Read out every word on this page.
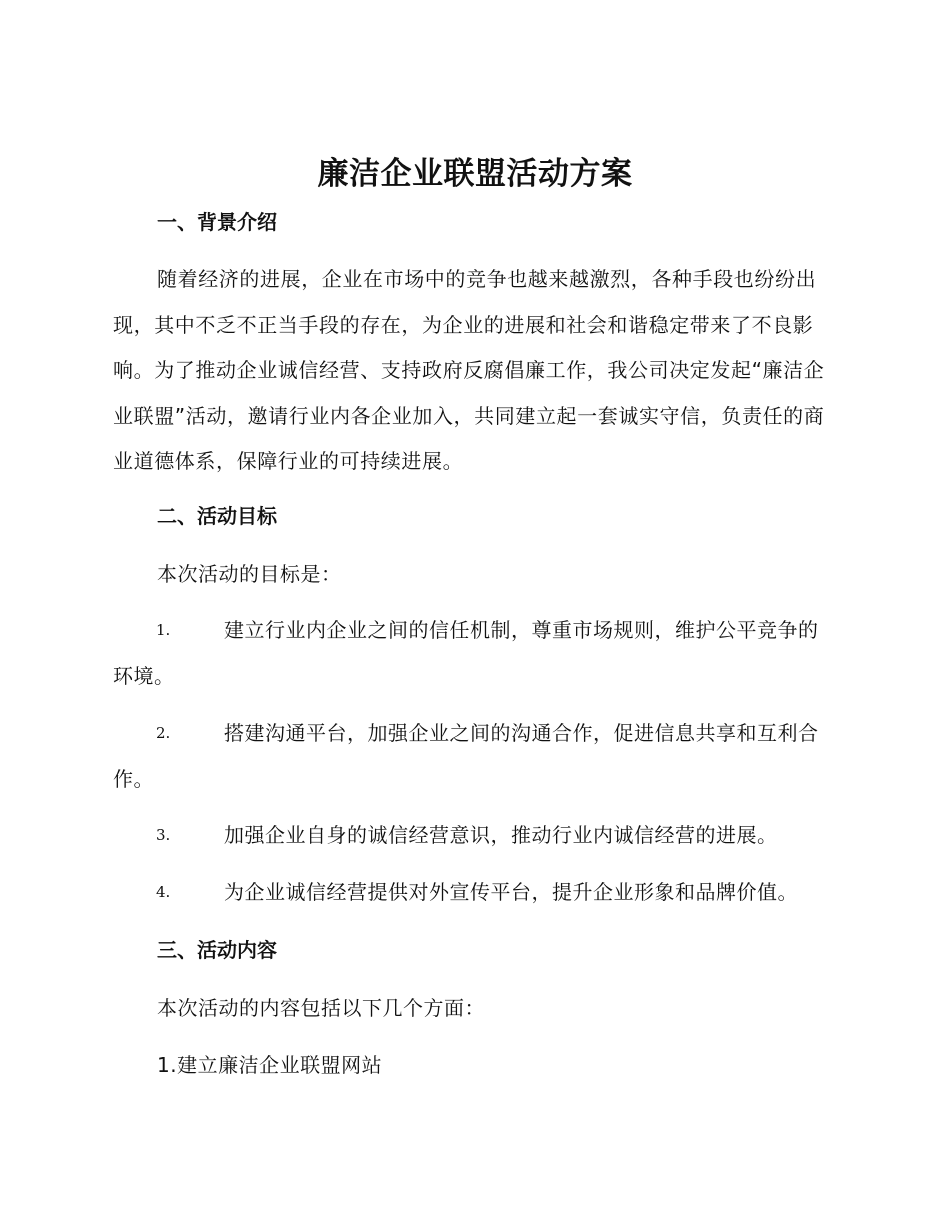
廉洁企业联盟活动方案
一、背景介绍

随着经济的进展，企业在市场中的竞争也越来越激烈，各种手段也纷纷出现，其中不乏不正当手段的存在，为企业的进展和社会和谐稳定带来了不良影响。为了推动企业诚信经营、支持政府反腐倡廉工作，我公司决定发起“廉洁企业联盟”活动，邀请行业内各企业加入，共同建立起一套诚实守信，负责任的商业道德体系，保障行业的可持续进展。

二、活动目标

本次活动的目标是：

1.	建立行业内企业之间的信任机制，尊重市场规则，维护公平竞争的环境。
2.	搭建沟通平台，加强企业之间的沟通合作，促进信息共享和互利合作。
3.	加强企业自身的诚信经营意识，推动行业内诚信经营的进展。
4.	为企业诚信经营提供对外宣传平台，提升企业形象和品牌价值。
三、活动内容

本次活动的内容包括以下几个方面：

1.建立廉洁企业联盟网站
